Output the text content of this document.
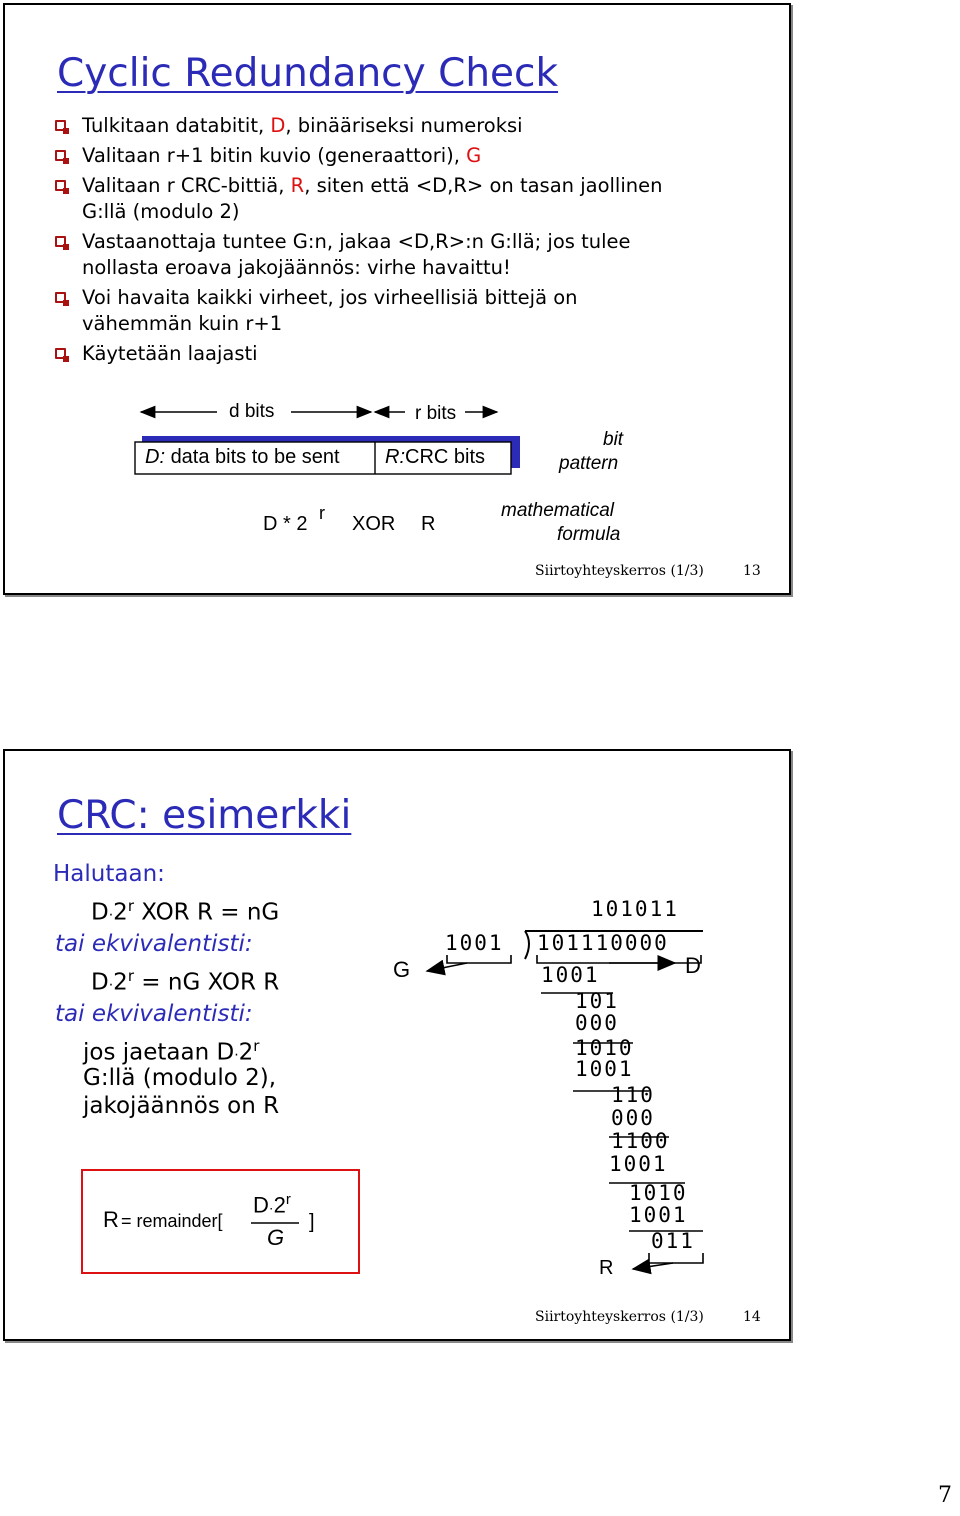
Cyclic Redundancy Check
Tulkitaan databitit, D, binääriseksi numeroksi
Valitaan r+1 bitin kuvio (generaattori), G
Valitaan r CRC-bittiä, R, siten että <D,R> on tasan jaollinen
G:llä (modulo 2)
Vastaanottaja tuntee G:n, jakaa <D,R>:n G:llä; jos tulee
nollasta eroava jakojäännös: virhe havaittu!
Voi havaita kaikki virheet, jos virheellisiä bittejä on
vähemmän kuin r+1
Käytetään laajasti
d bits	r bits
D: data bits to be sent R:CRC bits
bit
pattern
D * 2 r XOR R
mathematical
formula
Siirtoyhteyskerros (1/3)	13
CRC: esimerkki
Halutaan:
$D\cdot 2^r$ XOR R = nG
tai ekvivalentisti:
$D\cdot 2^r$ = nG XOR R
tai ekvivalentisti:
jos jaetaan $D\cdot 2^r$
G:llä (modulo 2),
jakojäännös on R
R = remainder[
$D\cdot 2^r$
G
]
101011
1001 101110000
1001
101
000
1010
1001
110
000
1100
1001
1010
1001
011
G	D
R
Siirtoyhteyskerros (1/3)	14
7
